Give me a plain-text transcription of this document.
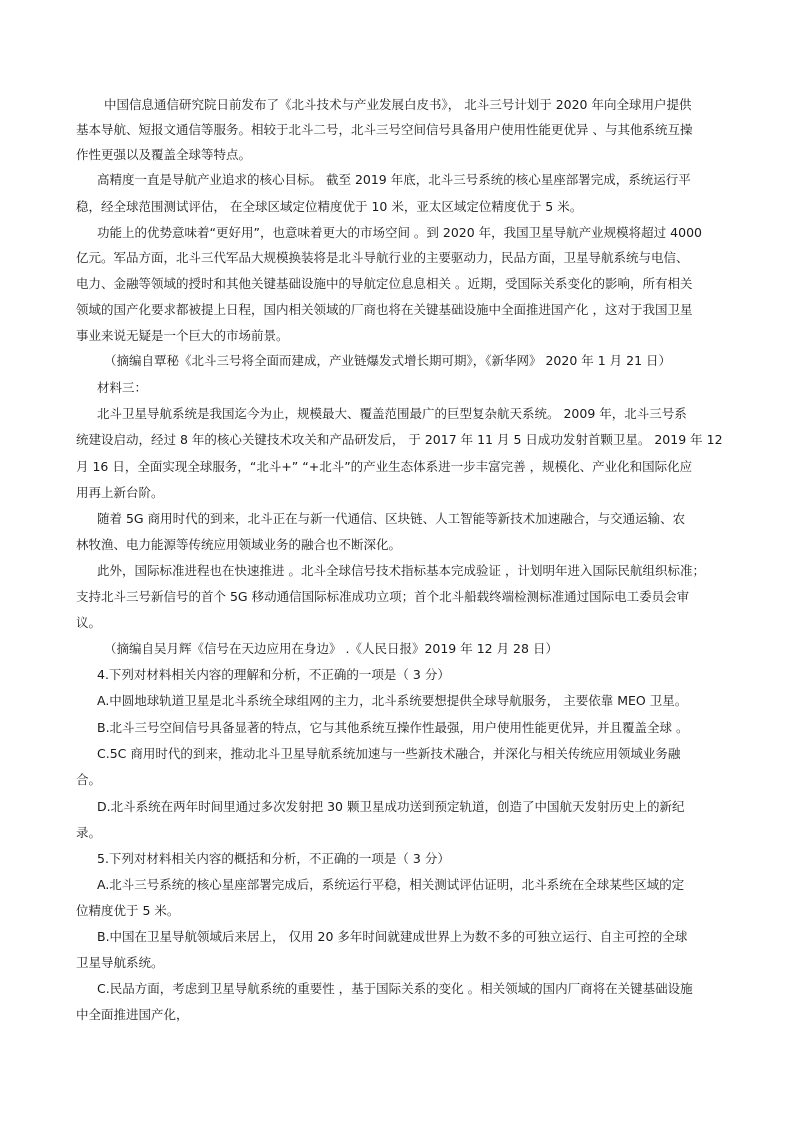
中国信息通信研究院日前发布了《北斗技术与产业发展白皮书》， 北斗三号计划于 2020 年向全球用户提供

基本导航、短报文通信等服务。相较于北斗二号，北斗三号空间信号具备用户使用性能更优异 、与其他系统互操

作性更强以及覆盖全球等特点。

高精度一直是导航产业追求的核心目标。 截至 2019 年底，北斗三号系统的核心星座部署完成，系统运行平

稳，经全球范围测试评估， 在全球区域定位精度优于 10 米，亚太区域定位精度优于 5 米。

功能上的优势意味着“更好用”，也意味着更大的市场空间 。到 2020 年，我国卫星导航产业规模将超过 4000

亿元。军品方面，北斗三代军品大规模换装将是北斗导航行业的主要驱动力，民品方面，卫星导航系统与电信、

电力、金融等领域的授时和其他关键基础设施中的导航定位息息相关 。近期，受国际关系变化的影响，所有相关

领域的国产化要求都被提上日程，国内相关领域的厂商也将在关键基础设施中全面推进国产化 ，这对于我国卫星

事业来说无疑是一个巨大的市场前景。

（摘编自覃秘《北斗三号将全面而建成，产业链爆发式增长期可期》，《新华网》 2020 年 1 月 21 日）

材料三：

北斗卫星导航系统是我国迄今为止，规模最大、覆盖范围最广的巨型复杂航天系统。 2009 年，北斗三号系

统建设启动，经过 8 年的核心关键技术攻关和产品研发后， 于 2017 年 11 月 5 日成功发射首颗卫星。 2019 年 12

月 16 日，全面实现全球服务，“北斗+” “+北斗”的产业生态体系进一步丰富完善 ，规模化、产业化和国际化应

用再上新台阶。

随着 5G 商用时代的到来，北斗正在与新一代通信、区块链、人工智能等新技术加速融合，与交通运输、农

林牧渔、电力能源等传统应用领域业务的融合也不断深化。

此外，国际标准进程也在快速推进 。北斗全球信号技术指标基本完成验证 ，计划明年进入国际民航组织标准；

支持北斗三号新信号的首个 5G 移动通信国际标准成功立项；首个北斗船载终端检测标准通过国际电工委员会审

议。

（摘编自吴月辉《信号在天边应用在身边》 .《人民日报》2019 年 12 月 28 日）

4.下列对材料相关内容的理解和分析，不正确的一项是（ 3 分）

A.中圆地球轨道卫星是北斗系统全球组网的主力，北斗系统要想提供全球导航服务， 主要依靠 MEO 卫星。

B.北斗三号空间信号具备显著的特点，它与其他系统互操作性最强，用户使用性能更优异，并且覆盖全球 。

C.5C 商用时代的到来，推动北斗卫星导航系统加速与一些新技术融合，并深化与相关传统应用领域业务融

合。

D.北斗系统在两年时间里通过多次发射把 30 颗卫星成功送到预定轨道，创造了中国航天发射历史上的新纪

录。

5.下列对材料相关内容的概括和分析，不正确的一项是（ 3 分）

A.北斗三号系统的核心星座部署完成后，系统运行平稳，相关测试评估证明，北斗系统在全球某些区域的定

位精度优于 5 米。

B.中国在卫星导航领域后来居上， 仅用 20 多年时间就建成世界上为数不多的可独立运行、自主可控的全球

卫星导航系统。

C.民品方面，考虑到卫星导航系统的重要性 ，基于国际关系的变化 。相关领域的国内厂商将在关键基础设施

中全面推进国产化，
